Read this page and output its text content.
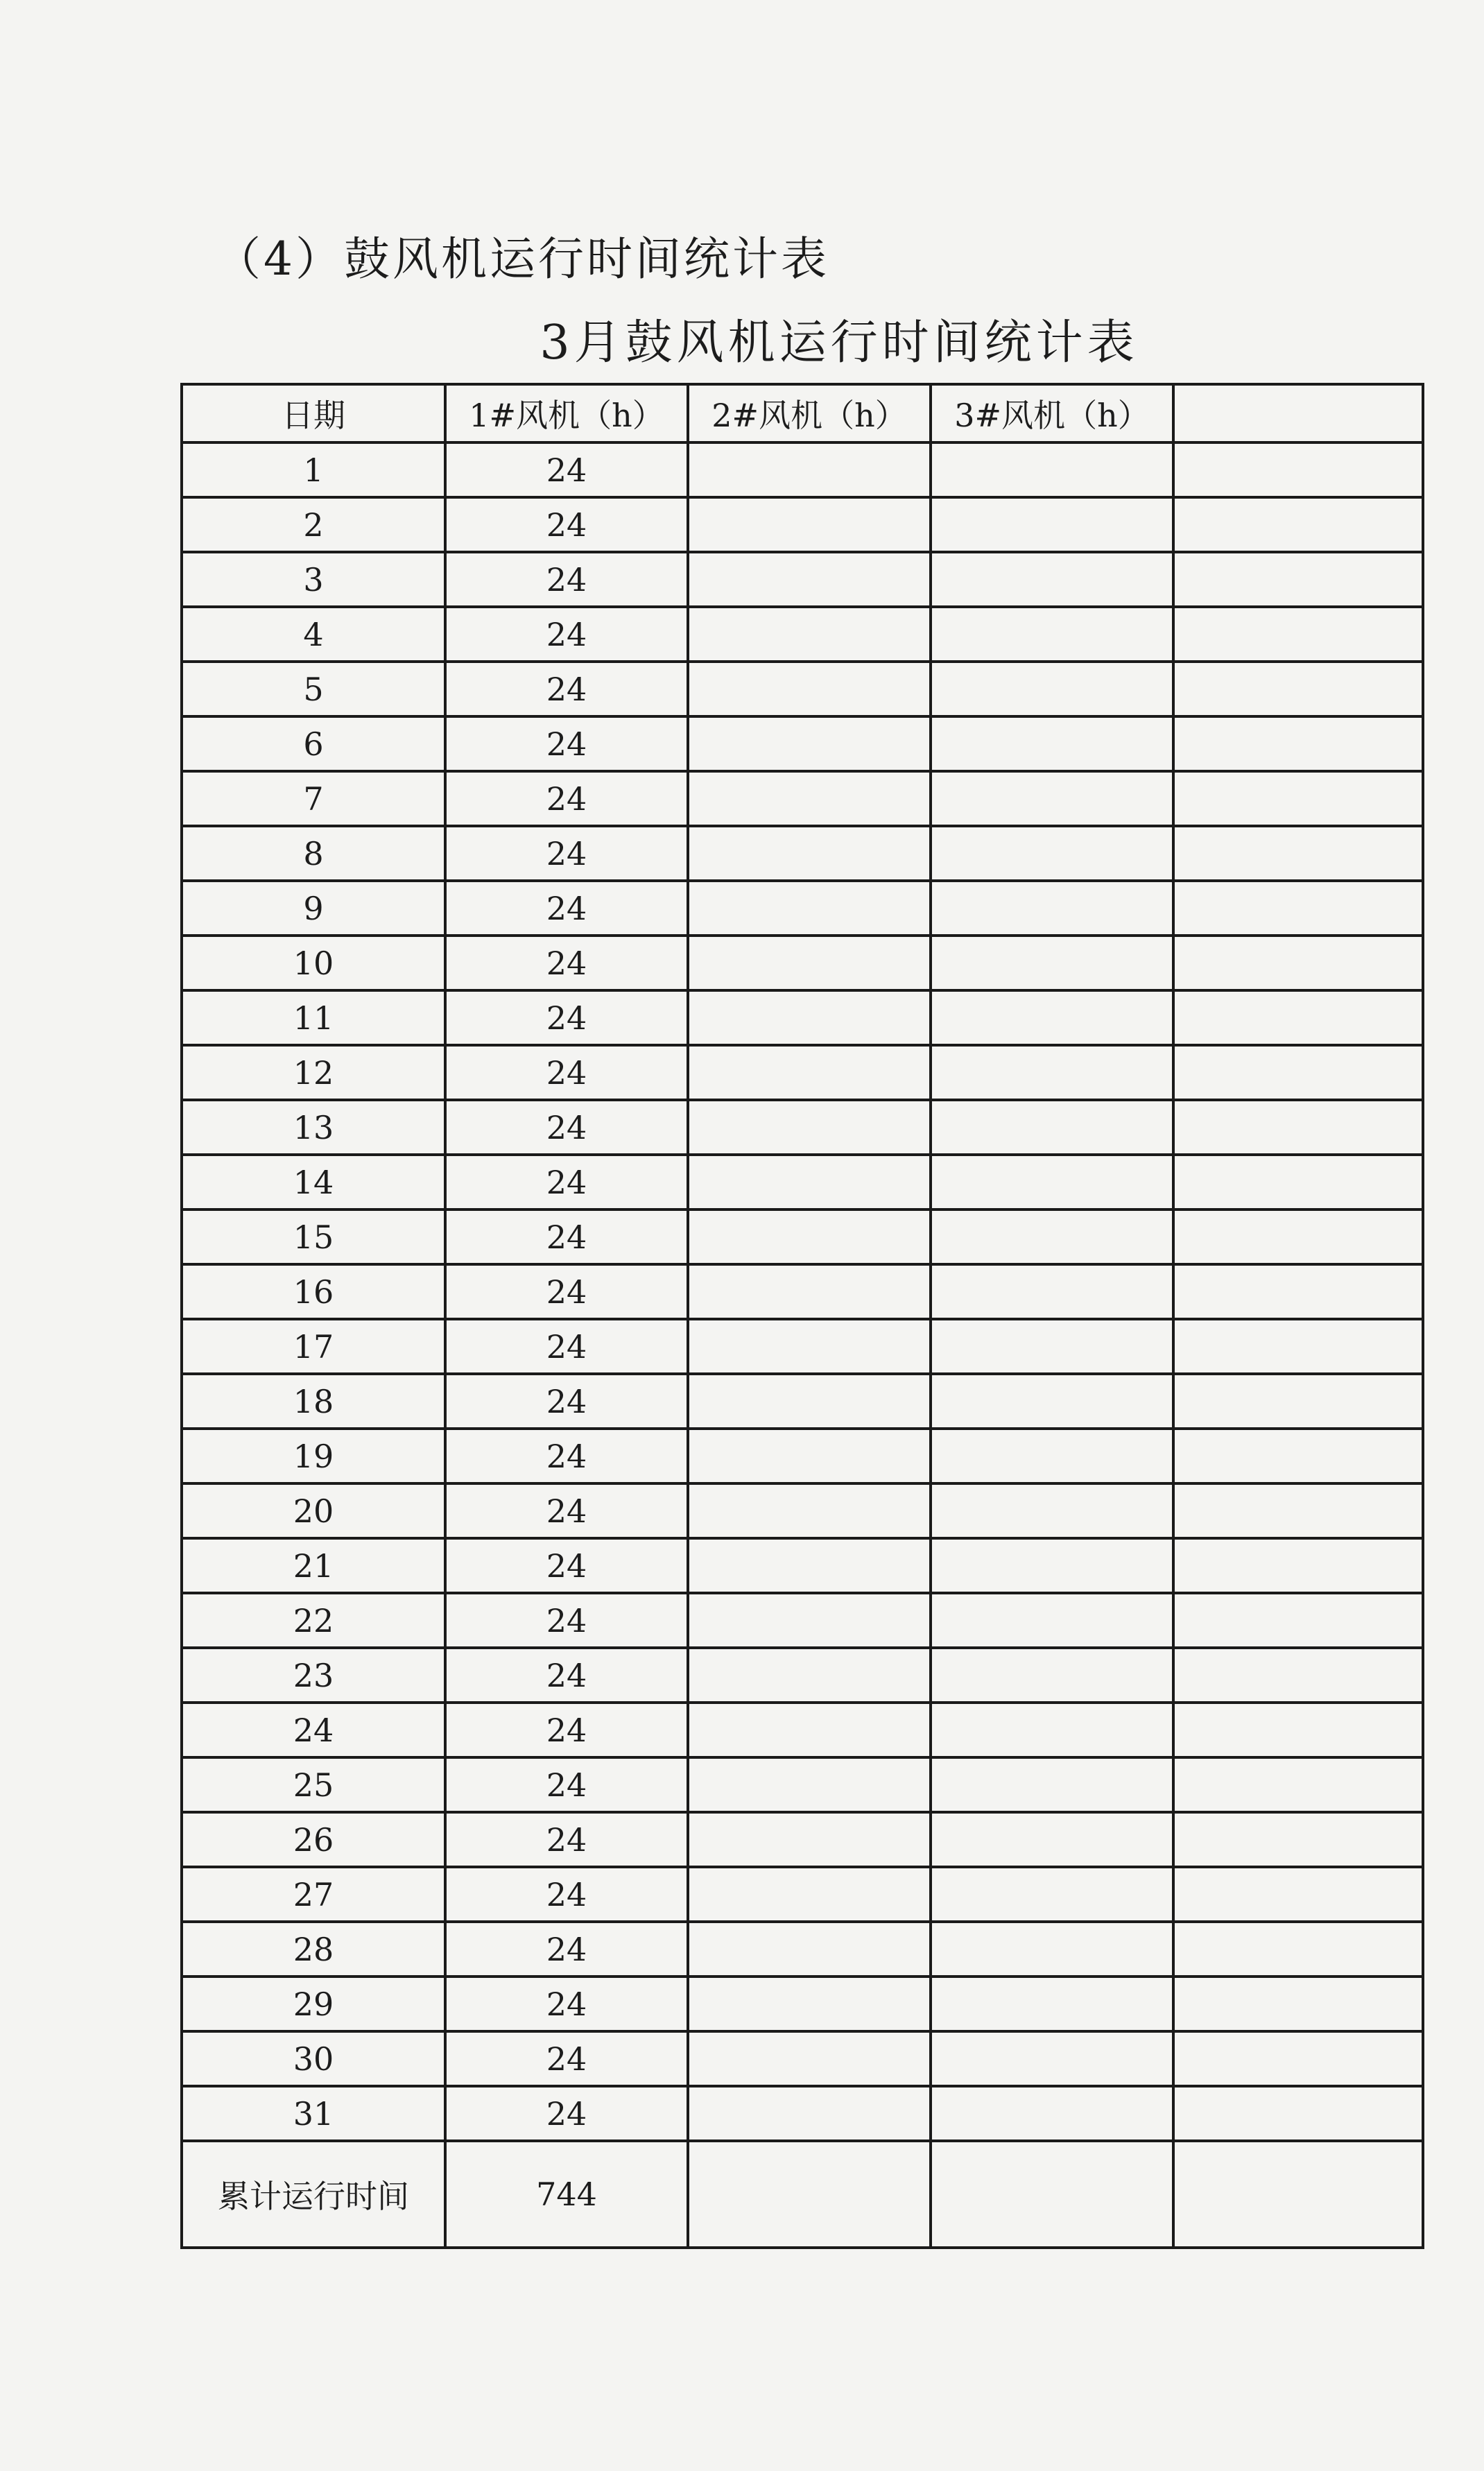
（4）鼓风机运行时间统计表
3月鼓风机运行时间统计表
日期	1#风机（h）	2#风机（h）	3#风机（h）	
1	24			
2	24			
3	24			
4	24			
5	24			
6	24			
7	24			
8	24			
9	24			
10	24			
11	24			
12	24			
13	24			
14	24			
15	24			
16	24			
17	24			
18	24			
19	24			
20	24			
21	24			
22	24			
23	24			
24	24			
25	24			
26	24			
27	24			
28	24			
29	24			
30	24			
31	24			
累计运行时间	744			
